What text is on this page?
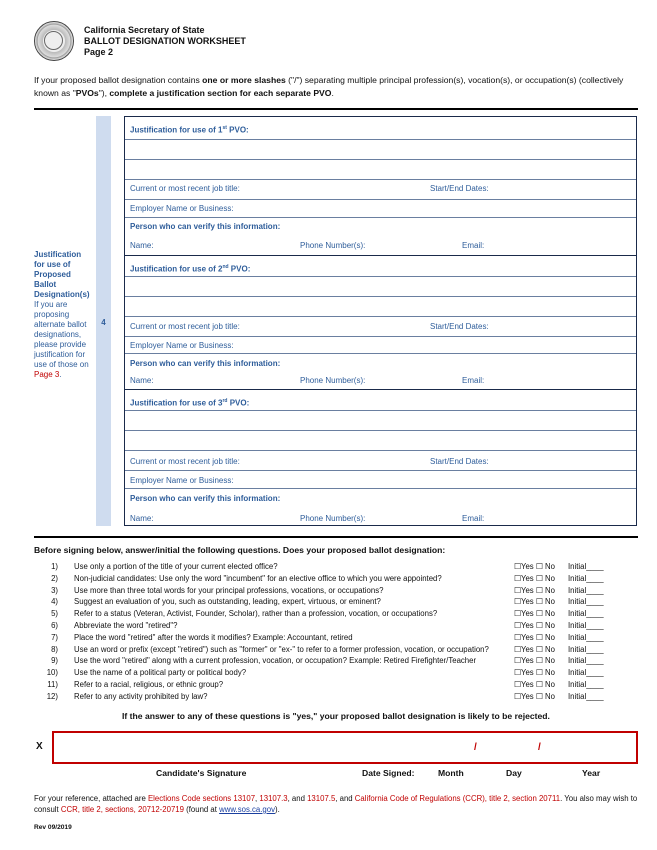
California Secretary of State
BALLOT DESIGNATION WORKSHEET
Page 2
If your proposed ballot designation contains one or more slashes ("/") separating multiple principal profession(s), vocation(s), or occupation(s) (collectively known as "PVOs"), complete a justification section for each separate PVO.
Justification
for use of
Proposed
Ballot
Designation(s)
If you are
proposing
alternate ballot
designations,
please provide
justification for
use of those on
Page 3.
4
Justification for use of 1st PVO:
Current or most recent job title:	Start/End Dates:
Employer Name or Business:
Person who can verify this information:
Name:	Phone Number(s):	Email:
Justification for use of 2nd PVO:
Current or most recent job title:	Start/End Dates:
Employer Name or Business:
Person who can verify this information:
Name:	Phone Number(s):	Email:
Justification for use of 3rd PVO:
Current or most recent job title:	Start/End Dates:
Employer Name or Business:
Person who can verify this information:
Name:	Phone Number(s):	Email:
Before signing below, answer/initial the following questions. Does your proposed ballot designation:
1) Use only a portion of the title of your current elected office?	☐Yes ☐ No Initial____
2) Non-judicial candidates: Use only the word "incumbent" for an elective office to which you were appointed?	☐Yes ☐ No Initial____
3) Use more than three total words for your principal professions, vocations, or occupations?	☐Yes ☐ No Initial____
4) Suggest an evaluation of you, such as outstanding, leading, expert, virtuous, or eminent?	☐Yes ☐ No Initial____
5) Refer to a status (Veteran, Activist, Founder, Scholar), rather than a profession, vocation, or occupations?	☐Yes ☐ No Initial____
6) Abbreviate the word "retired"?	☐Yes ☐ No Initial____
7) Place the word "retired" after the words it modifies? Example: Accountant, retired	☐Yes ☐ No Initial____
8) Use an word or prefix (except "retired") such as "former" or "ex-" to refer to a former profession, vocation, or occupation?	☐Yes ☐ No Initial____
9) Use the word "retired" along with a current profession, vocation, or occupation? Example: Retired Firefighter/Teacher	☐Yes ☐ No Initial____
10) Use the name of a political party or political body?	☐Yes ☐ No Initial____
11) Refer to a racial, religious, or ethnic group?	☐Yes ☐ No Initial____
12) Refer to any activity prohibited by law?	☐Yes ☐ No Initial____
If the answer to any of these questions is "yes," your proposed ballot designation is likely to be rejected.
X	/	/
Candidate's Signature	Date Signed:	Month	Day	Year
For your reference, attached are Elections Code sections 13107, 13107.3, and 13107.5, and California Code of Regulations (CCR), title 2, section 20711. You also may wish to consult CCR, title 2, sections, 20712-20719 (found at www.sos.ca.gov).
Rev 09/2019
